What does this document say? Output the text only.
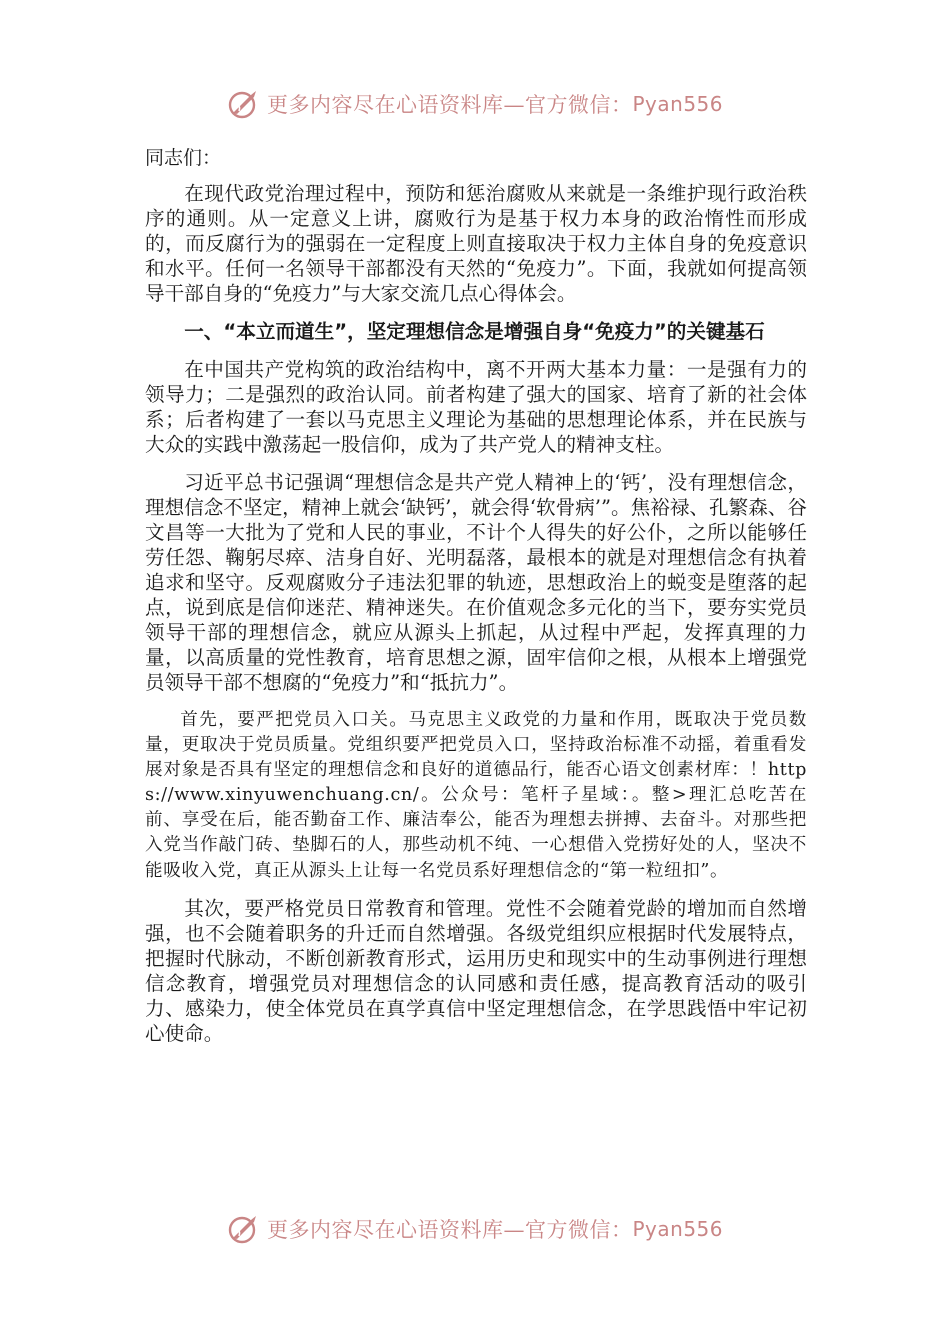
更多内容尽在心语资料库—官方微信： Pyan556

同志们：

在现代政党治理过程中，预防和惩治腐败从来就是一条维护现行政治秩序的通则。从一定意义上讲，腐败行为是基于权力本身的政治惰性而形成的，而反腐行为的强弱在一定程度上则直接取决于权力主体自身的免疫意识和水平。任何一名领导干部都没有天然的“免疫力”。下面，我就如何提高领导干部自身的“免疫力”与大家交流几点心得体会。

一、“本立而道生”，坚定理想信念是增强自身“免疫力”的关键基石

在中国共产党构筑的政治结构中，离不开两大基本力量：一是强有力的领导力；二是强烈的政治认同。前者构建了强大的国家、培育了新的社会体系；后者构建了一套以马克思主义理论为基础的思想理论体系，并在民族与大众的实践中激荡起一股信仰，成为了共产党人的精神支柱。

习近平总书记强调“理想信念是共产党人精神上的‘钙’，没有理想信念，理想信念不坚定，精神上就会‘缺钙’，就会得‘软骨病’”。焦裕禄、孔繁森、谷文昌等一大批为了党和人民的事业，不计个人得失的好公仆，之所以能够任劳任怨、鞠躬尽瘁、洁身自好、光明磊落，最根本的就是对理想信念有执着追求和坚守。反观腐败分子违法犯罪的轨迹，思想政治上的蜕变是堕落的起点，说到底是信仰迷茫、精神迷失。在价值观念多元化的当下，要夯实党员领导干部的理想信念，就应从源头上抓起，从过程中严起，发挥真理的力量，以高质量的党性教育，培育思想之源，固牢信仰之根，从根本上增强党员领导干部不想腐的“免疫力”和“抵抗力”。

首先，要严把党员入口关。马克思主义政党的力量和作用，既取决于党员数量，更取决于党员质量。党组织要严把党员入口，坚持政治标准不动摇，着重看发展对象是否具有坚定的理想信念和良好的道德品行，能否心语文创素材库：！https://www.xinyuwenchuang.cn/。公众号：笔杆子星域：。整>理汇总吃苦在前、享受在后，能否勤奋工作、廉洁奉公，能否为理想去拼搏、去奋斗。对那些把入党当作敲门砖、垫脚石的人，那些动机不纯、一心想借入党捞好处的人，坚决不能吸收入党，真正从源头上让每一名党员系好理想信念的“第一粒纽扣”。

其次，要严格党员日常教育和管理。党性不会随着党龄的增加而自然增强，也不会随着职务的升迁而自然增强。各级党组织应根据时代发展特点，把握时代脉动，不断创新教育形式，运用历史和现实中的生动事例进行理想信念教育，增强党员对理想信念的认同感和责任感，提高教育活动的吸引力、感染力，使全体党员在真学真信中坚定理想信念，在学思践悟中牢记初心使命。

更多内容尽在心语资料库—官方微信： Pyan556
